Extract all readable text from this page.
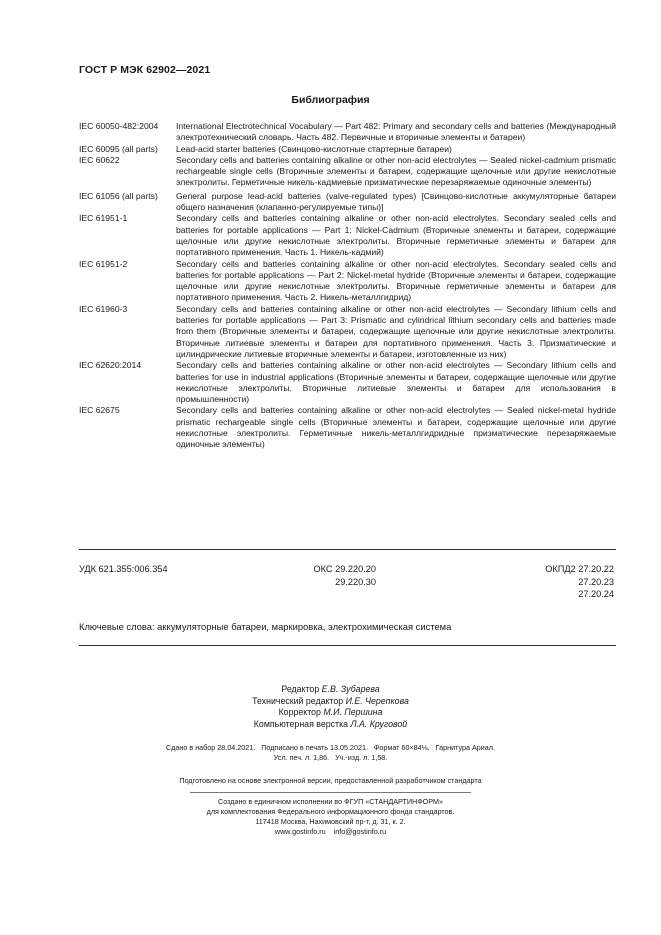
ГОСТ Р МЭК 62902—2021
Библиография
IEC 60050-482:2004	International Electrotechnical Vocabulary — Part 482: Primary and secondary cells and batteries (Международный электротехнический словарь. Часть 482. Первичные и вторичные элементы и батареи)
IEC 60095 (all parts)	Lead-acid starter batteries (Свинцово-кислотные стартерные батареи)
IEC 60622	Secondary cells and batteries containing alkaline or other non-acid electrolytes — Sealed nickel-cadmium prismatic rechargeable single cells (Вторичные элементы и батареи, содержащие щелочные или другие некислотные электролиты. Герметичные никель-кадмиевые призматические перезаряжаемые одиночные элементы)
IEC 61056 (all parts)	General purpose lead-acid batteries (valve-regulated types) [Свинцово-кислотные аккумуляторные батареи общего назначения (клапанно-регулируемые типы)]
IEC 61951-1	Secondary cells and batteries containing alkaline or other non-acid electrolytes. Secondary sealed cells and batteries for portable applications — Part 1: Nickel-Cadmium (Вторичные элементы и батареи, содержащие щелочные или другие некислотные электролиты. Вторичные герметичные элементы и батареи для портативного применения. Часть 1. Никель-кадмий)
IEC 61951-2	Secondary cells and batteries containing alkaline or other non-acid electrolytes. Secondary sealed cells and batteries for portable applications — Part 2: Nickel-metal hydride (Вторичные элементы и батареи, содержащие щелочные или другие некислотные электролиты. Вторичные герметичные элементы и батареи для портативного применения. Часть 2. Никель-металлгидрид)
IEC 61960-3	Secondary cells and batteries containing alkaline or other non-acid electrolytes — Secondary lithium cells and batteries for portable applications — Part 3: Prismatic and cylindrical lithium secondary cells and batteries made from them (Вторичные элементы и батареи, содержащие щелочные или другие некислотные электролиты. Вторичные литиевые элементы и батареи для портативного применения. Часть 3. Призматические и цилиндрические литиевые вторичные элементы и батареи, изготовленные из них)
IEC 62620:2014	Secondary cells and batteries containing alkaline or other non-acid electrolytes — Secondary lithium cells and batteries for use in industrial applications (Вторичные элементы и батареи, содержащие щелочные или другие некислотные электролиты. Вторичные литиевые элементы и батареи для использования в промышленности)
IEC 62675	Secondary cells and batteries containing alkaline or other non-acid electrolytes — Sealed nickel-metal hydride prismatic rechargeable single cells (Вторичные элементы и батареи, содержащие щелочные или другие некислотные электролиты. Герметичные никель-металлгидридные призматические перезаряжаемые одиночные элементы)
УДК 621.355:006.354	ОКС 29.220.20
29.220.30
ОКПД2 27.20.22
27.20.23
27.20.24
Ключевые слова: аккумуляторные батареи, маркировка, электрохимическая система
Редактор Е.В. Зубарева
Технический редактор И.Е. Черепкова
Корректор М.И. Першина
Компьютерная верстка Л.А. Круговой
Сдано в набор 28.04.2021.   Подписано в печать 13.05.2021.   Формат 60×84⅛.   Гарнитура Ариал.
Усл. печ. л. 1,86.   Уч.-изд. л. 1,58.
Подготовлено на основе электронной версии, предоставленной разработчиком стандарта
Создано в единичном исполнении во ФГУП «СТАНДАРТИНФОРМ»
для комплектования Федерального информационного фонда стандартов.
117418 Москва, Нахимовский пр-т, д. 31, к. 2.
www.gostinfo.ru    info@gostinfo.ru
